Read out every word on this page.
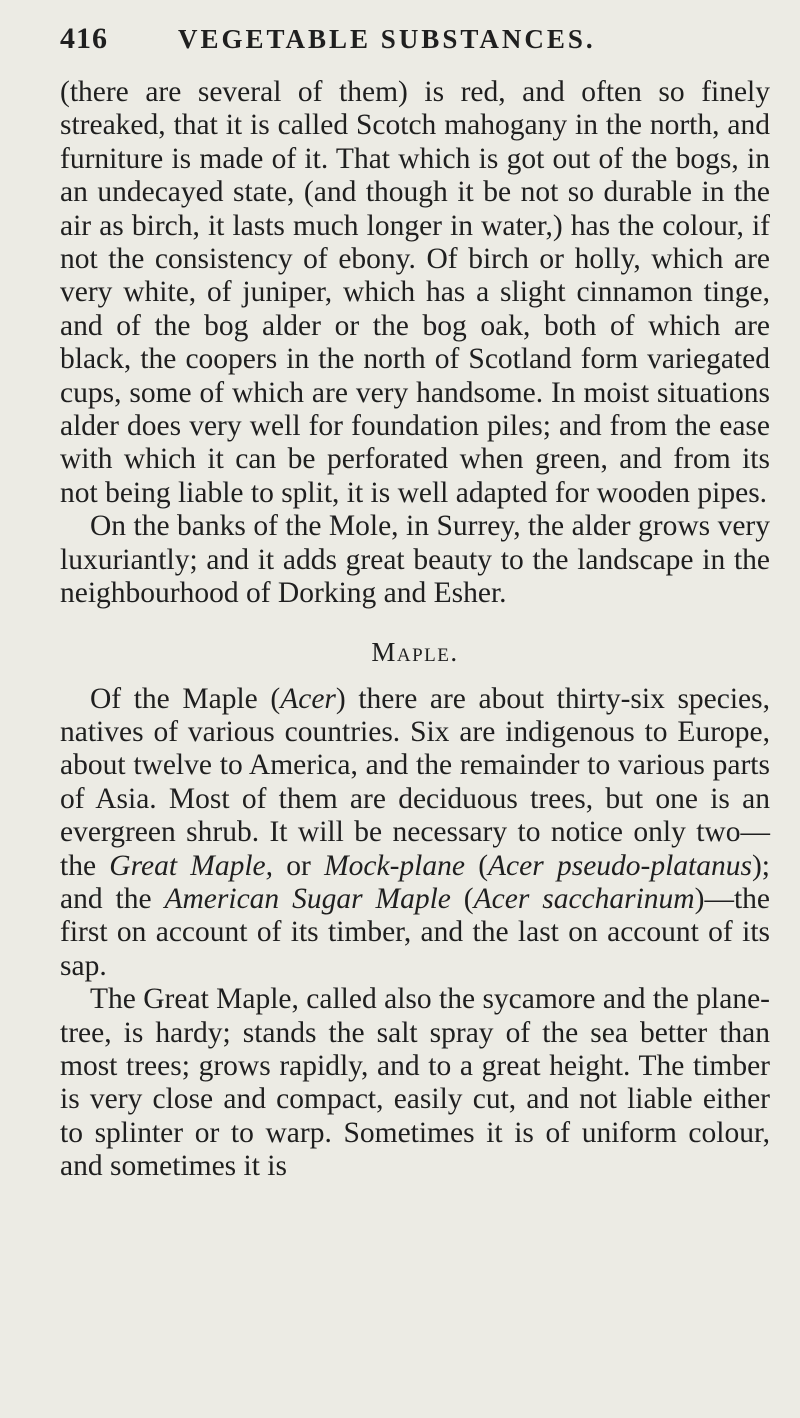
416	VEGETABLE SUBSTANCES.

(there are several of them) is red, and often so finely streaked, that it is called Scotch mahogany in the north, and furniture is made of it. That which is got out of the bogs, in an undecayed state, (and though it be not so durable in the air as birch, it lasts much longer in water,) has the colour, if not the consistency of ebony. Of birch or holly, which are very white, of juniper, which has a slight cinnamon tinge, and of the bog alder or the bog oak, both of which are black, the coopers in the north of Scotland form variegated cups, some of which are very handsome. In moist situations alder does very well for foundation piles; and from the ease with which it can be perforated when green, and from its not being liable to split, it is well adapted for wooden pipes.

On the banks of the Mole, in Surrey, the alder grows very luxuriantly; and it adds great beauty to the landscape in the neighbourhood of Dorking and Esher.

Maple.

Of the Maple (Acer) there are about thirty-six species, natives of various countries. Six are indigenous to Europe, about twelve to America, and the remainder to various parts of Asia. Most of them are deciduous trees, but one is an evergreen shrub. It will be necessary to notice only two—the Great Maple, or Mock-plane (Acer pseudo-platanus); and the American Sugar Maple (Acer saccharinum)—the first on account of its timber, and the last on account of its sap.

The Great Maple, called also the sycamore and the plane-tree, is hardy; stands the salt spray of the sea better than most trees; grows rapidly, and to a great height. The timber is very close and compact, easily cut, and not liable either to splinter or to warp. Sometimes it is of uniform colour, and sometimes it is
